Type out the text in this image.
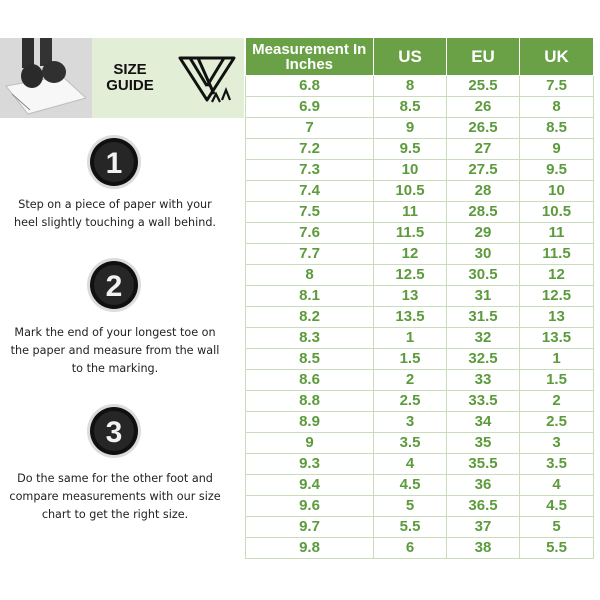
SIZE
GUIDE
1
Step on a piece of paper with your heel slightly touching a wall behind.
2
Mark the end of your longest toe on the paper and measure from the wall to the marking.
3
Do the same for the other foot and compare measurements with our size chart to get the right size.
Measurement In Inches	US	EU	UK
6.8	8	25.5	7.5
6.9	8.5	26	8
7	9	26.5	8.5
7.2	9.5	27	9
7.3	10	27.5	9.5
7.4	10.5	28	10
7.5	11	28.5	10.5
7.6	11.5	29	11
7.7	12	30	11.5
8	12.5	30.5	12
8.1	13	31	12.5
8.2	13.5	31.5	13
8.3	1	32	13.5
8.5	1.5	32.5	1
8.6	2	33	1.5
8.8	2.5	33.5	2
8.9	3	34	2.5
9	3.5	35	3
9.3	4	35.5	3.5
9.4	4.5	36	4
9.6	5	36.5	4.5
9.7	5.5	37	5
9.8	6	38	5.5
